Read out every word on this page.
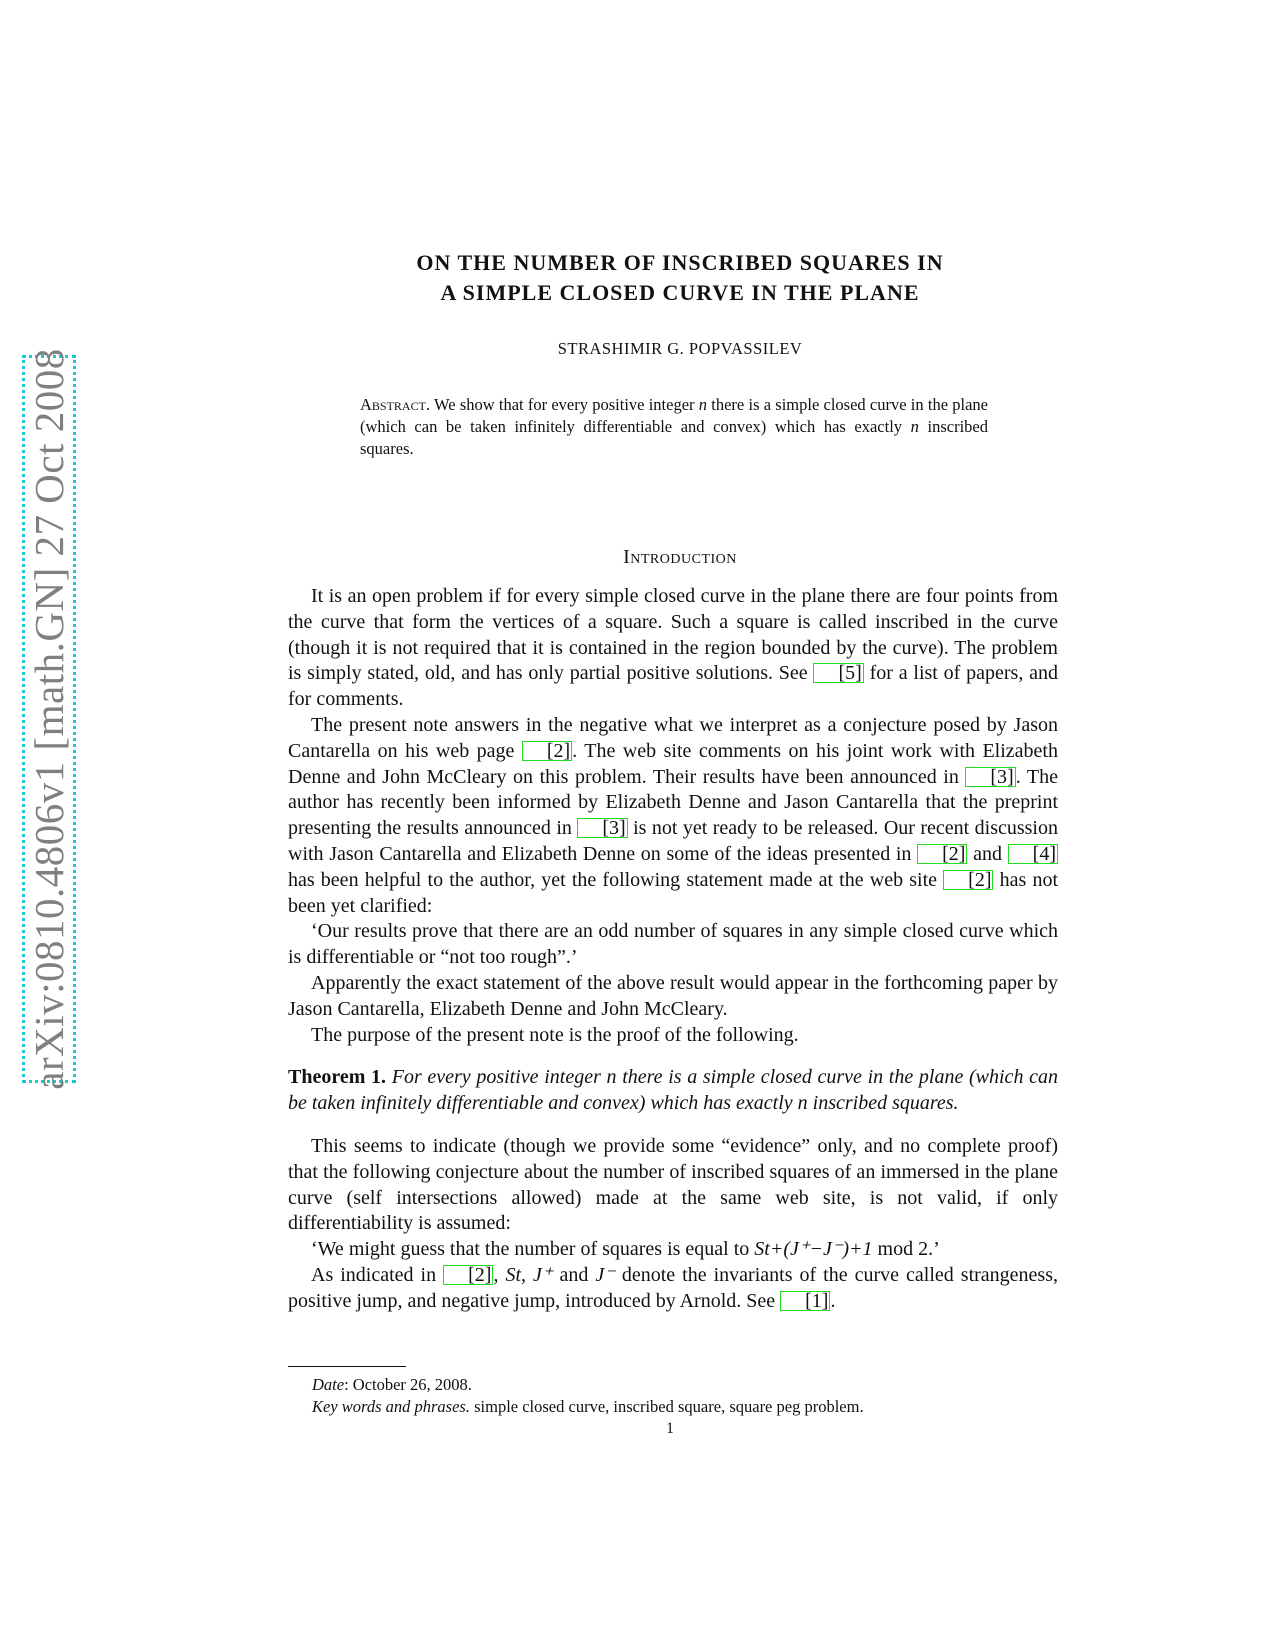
arXiv:0810.4806v1 [math.GN] 27 Oct 2008
ON THE NUMBER OF INSCRIBED SQUARES IN
A SIMPLE CLOSED CURVE IN THE PLANE
STRASHIMIR G. POPVASSILEV
Abstract. We show that for every positive integer n there is a simple closed curve in the plane (which can be taken infinitely differentiable and convex) which has exactly n inscribed squares.
Introduction

It is an open problem if for every simple closed curve in the plane there are four points from the curve that form the vertices of a square. Such a square is called inscribed in the curve (though it is not required that it is contained in the region bounded by the curve). The problem is simply stated, old, and has only partial positive solutions. See [5] for a list of papers, and for comments.

The present note answers in the negative what we interpret as a conjecture posed by Jason Cantarella on his web page [2] . The web site comments on his joint work with Elizabeth Denne and John McCleary on this problem. Their results have been announced in [3] . The author has recently been informed by Elizabeth Denne and Jason Cantarella that the preprint presenting the results announced in [3] is not yet ready to be released. Our recent discussion with Jason Cantarella and Elizabeth Denne on some of the ideas presented in [2] and [4] has been helpful to the author, yet the following statement made at the web site [2] has not been yet clarified:

‘Our results prove that there are an odd number of squares in any simple closed curve which is differentiable or “not too rough”.’

Apparently the exact statement of the above result would appear in the forthcoming paper by Jason Cantarella, Elizabeth Denne and John McCleary.

The purpose of the present note is the proof of the following.

Theorem 1. For every positive integer n there is a simple closed curve in the plane (which can be taken infinitely differentiable and convex) which has exactly n inscribed squares.

This seems to indicate (though we provide some “evidence” only, and no complete proof) that the following conjecture about the number of inscribed squares of an immersed in the plane curve (self intersections allowed) made at the same web site, is not valid, if only differentiability is assumed:

‘We might guess that the number of squares is equal to St+(J⁺−J⁻)+1 mod 2.’

As indicated in [2] , St, J⁺ and J⁻ denote the invariants of the curve called strangeness, positive jump, and negative jump, introduced by Arnold. See [1] .

Date: October 26, 2008.
Key words and phrases. simple closed curve, inscribed square, square peg problem.
1
